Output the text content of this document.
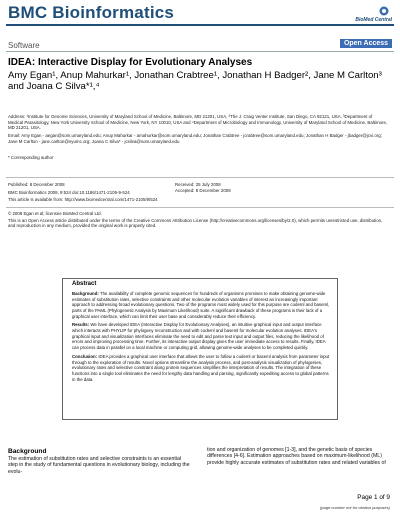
BMC Bioinformatics	BioMed Central
Software	Open Access
IDEA: Interactive Display for Evolutionary Analyses
Amy Egan¹, Anup Mahurkar¹, Jonathan Crabtree¹, Jonathan H Badger², Jane M Carlton³ and Joana C Silva*¹,⁴
Address: ¹Institute for Genome Sciences, University of Maryland School of Medicine, Baltimore, MD 21201, USA, ²The J. Craig Venter Institute, San Diego, CA 92121, USA, ³Department of Medical Parasitology, New York University School of Medicine, New York, NY 10010, USA and ⁴Department of Microbiology and Immunology, University of Maryland School of Medicine, Baltimore, MD 21201, USA.
Email: Amy Egan - aegan@som.umaryland.edu; Anup Mahurkar - amahurkar@som.umaryland.edu; Jonathan Crabtree - jcrabtree@som.umaryland.edu; Jonathan H Badger - jbadger@jcvi.org; Jane M Carlton - jane.carlton@nyumc.org; Joana C Silva* - jcsilva@som.umaryland.edu
* Corresponding author
Published: 8 December 2008
BMC Bioinformatics 2008, 9:524 doi:10.1186/1471-2105-9-524
This article is available from: http://www.biomedcentral.com/1471-2105/9/524
Received: 25 July 2008
Accepted: 8 December 2008
© 2008 Egan et al; licensee BioMed Central Ltd.
This is an Open Access article distributed under the terms of the Creative Commons Attribution License (http://creativecommons.org/licenses/by/2.0), which permits unrestricted use, distribution, and reproduction in any medium, provided the original work is properly cited.
Abstract

Background: The availability of complete genomic sequences for hundreds of organisms promises to make obtaining genome-wide estimates of substitution rates, selective constraints and other molecular evolution variables of interest an increasingly important approach to addressing broad evolutionary questions. Two of the programs most widely used for this purpose are codeml and baseml, parts of the PAML (Phylogenetic Analysis by Maximum Likelihood) suite. A significant drawback of these programs is their lack of a graphical user interface, which can limit their user base and considerably reduce their efficiency.

Results: We have developed IDEA (Interactive Display for Evolutionary Analyses), an intuitive graphical input and output interface which interacts with PHYLIP for phylogeny reconstruction and with codeml and baseml for molecular evolution analyses. IDEA's graphical input and visualization interfaces eliminate the need to edit and parse text input and output files, reducing the likelihood of errors and improving processing time. Further, its interactive output display gives the user immediate access to results. Finally, IDEA can process data in parallel on a local machine or computing grid, allowing genome-wide analyses to be completed quickly.

Conclusion: IDEA provides a graphical user interface that allows the user to follow a codeml or baseml analysis from parameter input through to the exploration of results. Novel options streamline the analysis process, and post-analysis visualization of phylogenies, evolutionary rates and selective constraint along protein sequences simplifies the interpretation of results. The integration of these functions into a single tool eliminates the need for lengthy data handling and parsing, significantly expediting access to global patterns in the data.

Background
The estimation of substitution rates and selective constraints is an essential step in the study of fundamental questions in evolutionary biology, including the evolu-
tion and organization of genomes [1-3], and the genetic basis of species differences [4-6]. Estimation approaches based on maximum-likelihood (ML) provide highly accurate estimates of substitution rates and related variables of
Page 1 of 9
(page number not for citation purposes)
